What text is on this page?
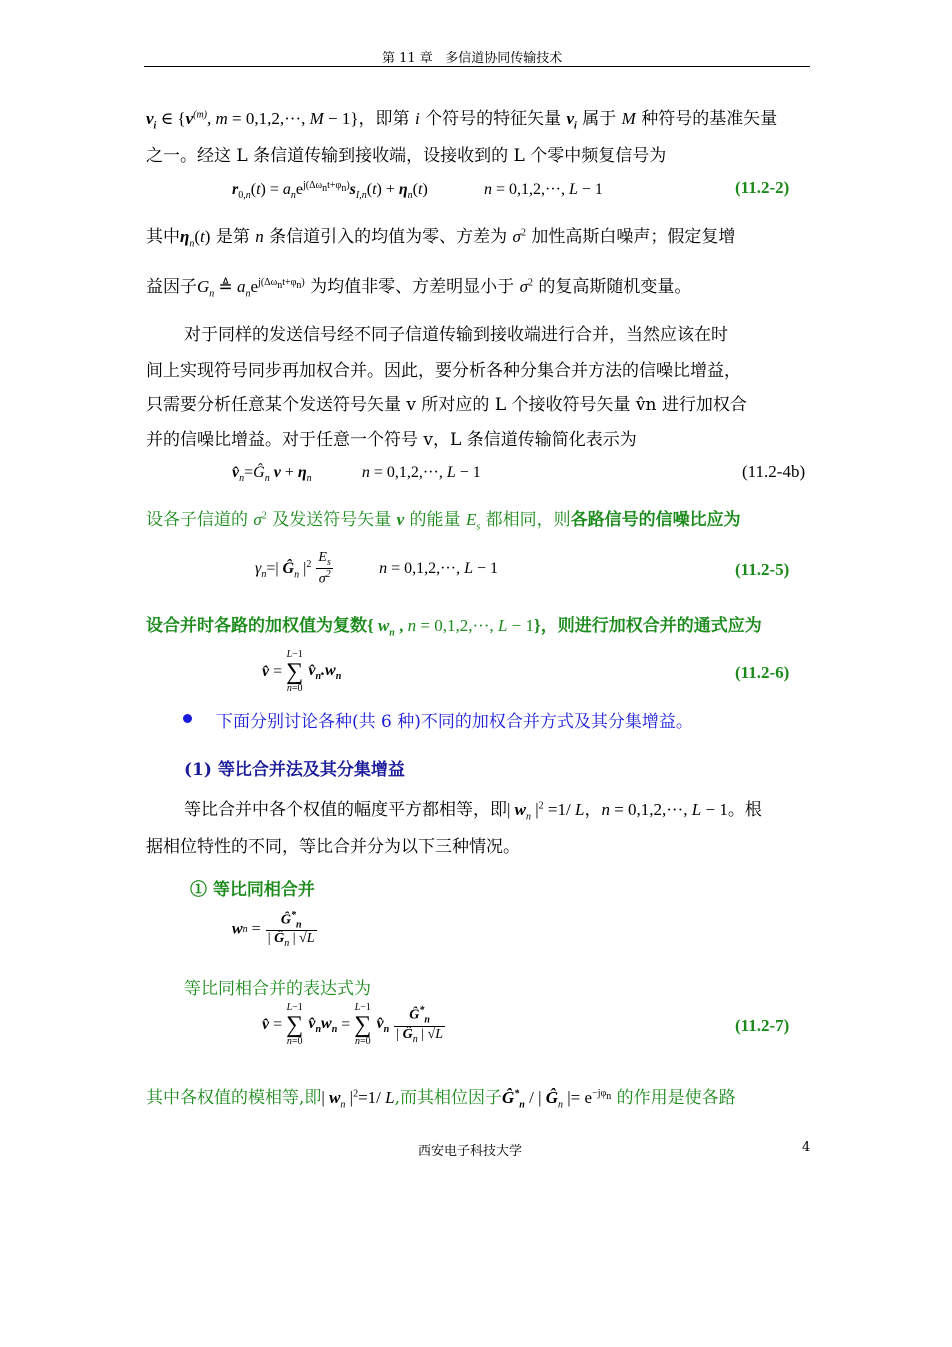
第 11 章 多信道协同传输技术
$v_i$ ∈ {$v^{(m)}$, m = 0,1,2,···, M − 1}，即第 i 个符号的特征矢量 $v_i$ 属于 M 种符号的基准矢量
之一。经这 L 条信道传输到接收端，设接收到的 L 个零中频复信号为
$r_{0,n}(t) = a_ne^{j(\Delta\omega_nt+\varphi_n)}s_{I,n}(t) + \eta_n(t)$	n = 0,1,2,···, L − 1	(11.2-2)
其中$\eta_n(t)$ 是第 n 条信道引入的均值为零、方差为 $\sigma^2$ 加性高斯白噪声；假定复增
益因子$G_n$ ≜ $a_ne^{j(\Delta\omega_nt+\varphi_n)}$ 为均值非零、方差明显小于 $\sigma^2$ 的复高斯随机变量。
对于同样的发送信号经不同子信道传输到接收端进行合并，当然应该在时
间上实现符号同步再加权合并。因此，要分析各种分集合并方法的信噪比增益，
只需要分析任意某个发送符号矢量 v 所对应的 L 个接收符号矢量 v̂n 进行加权合
并的信噪比增益。对于任意一个符号 v，L 条信道传输简化表示为
$v̂_n=Ĝ_n$ $v + \eta_n$	n = 0,1,2,···, L − 1	(11.2-4b)
设各子信道的 $\sigma^2$ 及发送符号矢量 v 的能量 $E_s$ 都相同，则各路信号的信噪比应为
$\gamma_n=|$ $Ĝ_n$ $|^2 \frac{E_s}{\sigma^2}$	n = 0,1,2,···, L − 1	(11.2-5)
设合并时各路的加权值为复数{ $w_n$ , n = 0,1,2,···, L − 1}，则进行加权合并的通式应为
v̂ = L−1
∑
n=0 $v̂_n.w_n$	(11.2-6)
下面分别讨论各种(共 6 种)不同的加权合并方式及其分集增益。
(1) 等比合并法及其分集增益
等比合并中各个权值的幅度平方都相等，即| $w_n$ $|^2 =1/$ L，n = 0,1,2,···, L − 1。根
据相位特性的不同，等比合并分为以下三种情况。
① 等比同相合并
wn = $\frac{Ĝ^*_n}{| Ĝ_n | √L}$
等比同相合并的表达式为
v̂ = L−1
∑
n=0 $v̂_nw_n = L-1$
∑
n=0 $v̂_n \frac{Ĝ^*_n}{| Ĝ_n | √L}$	(11.2-7)
其中各权值的模相等,即| $w_n$ $|^2=1/$ L,而其相位因子$Ĝ^*_n$ / | $Ĝ_n$ |= $e^{-j\varphi_n}$ 的作用是使各路
西安电子科技大学	4
